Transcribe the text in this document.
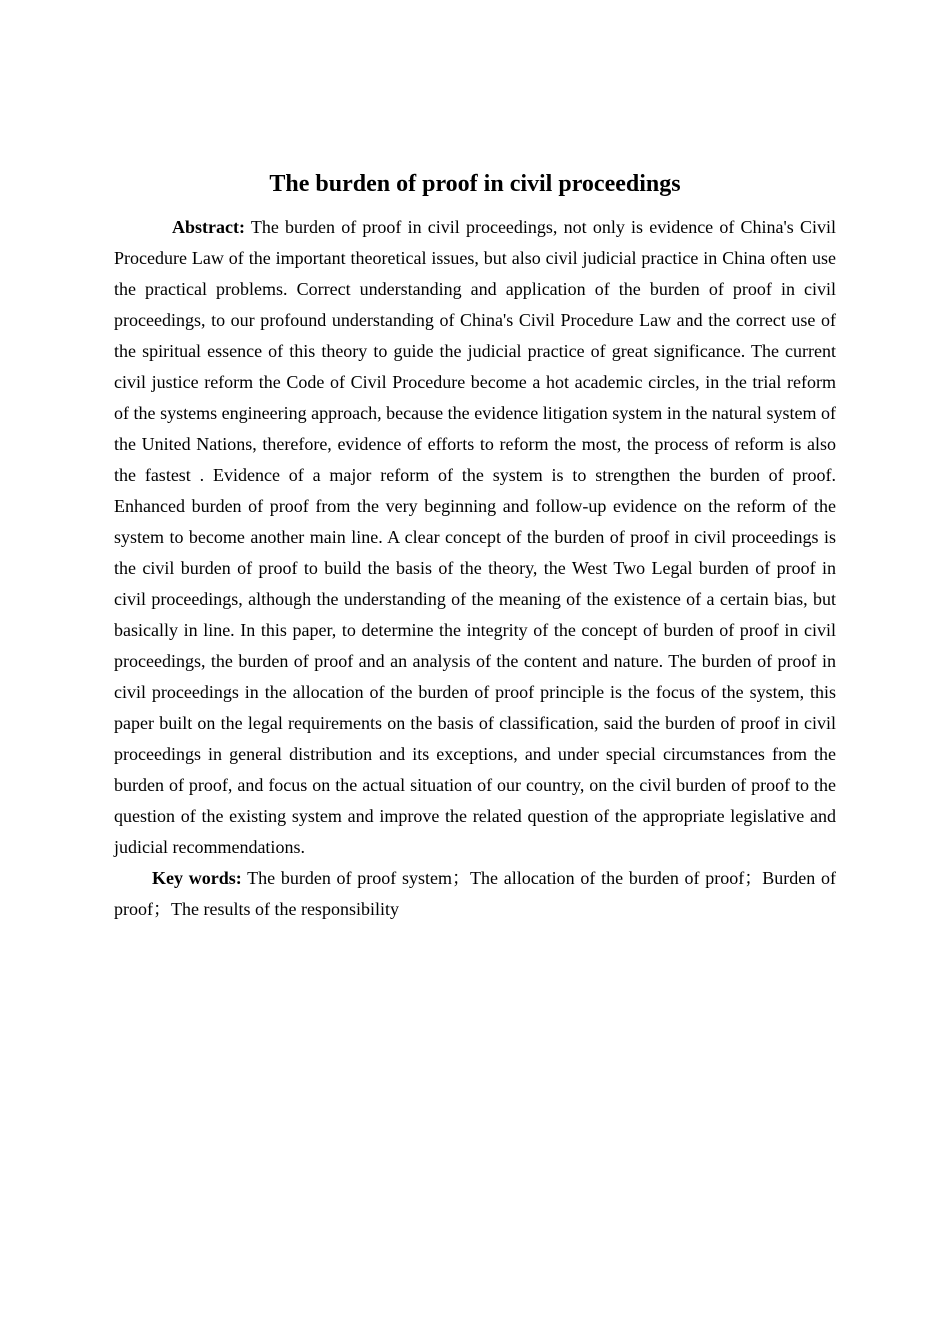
The burden of proof in civil proceedings

Abstract: The burden of proof in civil proceedings, not only is evidence of China's Civil Procedure Law of the important theoretical issues, but also civil judicial practice in China often use the practical problems. Correct understanding and application of the burden of proof in civil proceedings, to our profound understanding of China's Civil Procedure Law and the correct use of the spiritual essence of this theory to guide the judicial practice of great significance. The current civil justice reform the Code of Civil Procedure become a hot academic circles, in the trial reform of the systems engineering approach, because the evidence litigation system in the natural system of the United Nations, therefore, evidence of efforts to reform the most, the process of reform is also the fastest . Evidence of a major reform of the system is to strengthen the burden of proof. Enhanced burden of proof from the very beginning and follow-up evidence on the reform of the system to become another main line. A clear concept of the burden of proof in civil proceedings is the civil burden of proof to build the basis of the theory, the West Two Legal burden of proof in civil proceedings, although the understanding of the meaning of the existence of a certain bias, but basically in line. In this paper, to determine the integrity of the concept of burden of proof in civil proceedings, the burden of proof and an analysis of the content and nature. The burden of proof in civil proceedings in the allocation of the burden of proof principle is the focus of the system, this paper built on the legal requirements on the basis of classification, said the burden of proof in civil proceedings in general distribution and its exceptions, and under special circumstances from the burden of proof, and focus on the actual situation of our country, on the civil burden of proof to the question of the existing system and improve the related question of the appropriate legislative and judicial recommendations.

Key words: The burden of proof system；The allocation of the burden of proof；Burden of proof；The results of the responsibility
